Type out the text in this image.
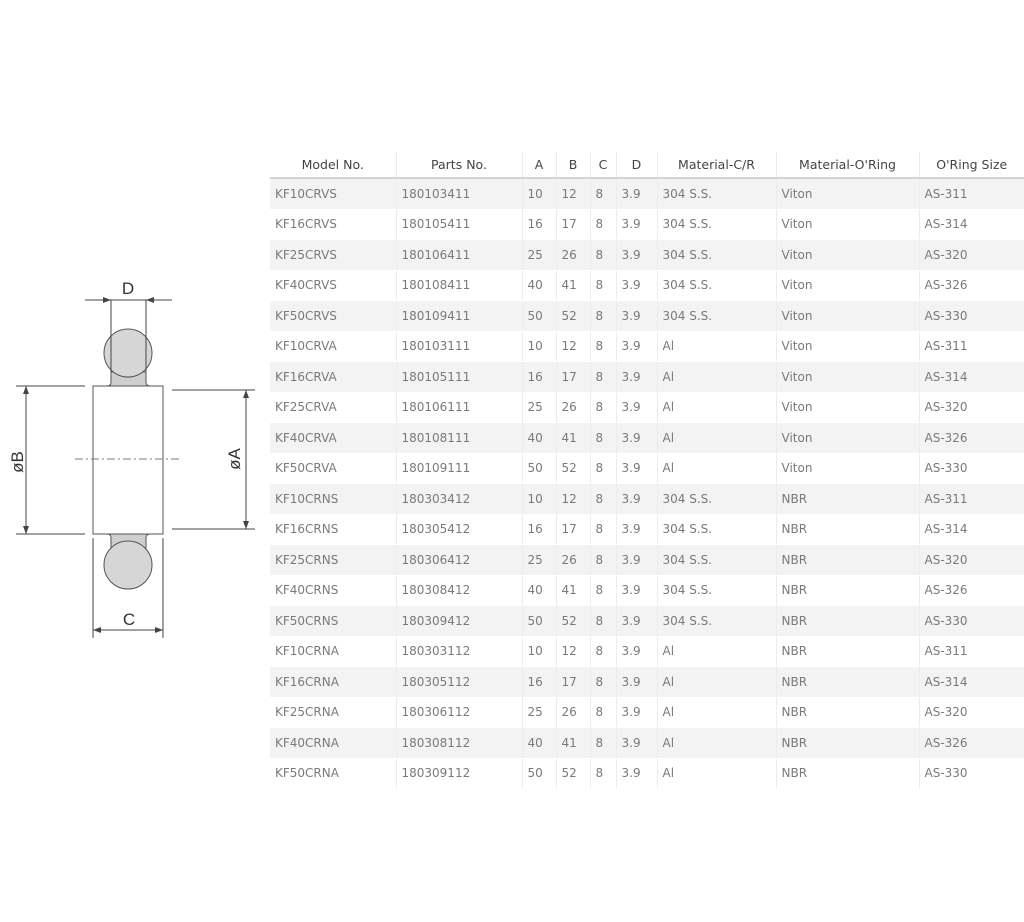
D
C
øB	øA
Model No.	Parts No.	A	B	C	D	Material-C/R	Material-O'Ring	O'Ring Size
KF10CRVS	180103411	10	12	8	3.9	304 S.S.	Viton	AS-311
KF16CRVS	180105411	16	17	8	3.9	304 S.S.	Viton	AS-314
KF25CRVS	180106411	25	26	8	3.9	304 S.S.	Viton	AS-320
KF40CRVS	180108411	40	41	8	3.9	304 S.S.	Viton	AS-326
KF50CRVS	180109411	50	52	8	3.9	304 S.S.	Viton	AS-330
KF10CRVA	180103111	10	12	8	3.9	Al	Viton	AS-311
KF16CRVA	180105111	16	17	8	3.9	Al	Viton	AS-314
KF25CRVA	180106111	25	26	8	3.9	Al	Viton	AS-320
KF40CRVA	180108111	40	41	8	3.9	Al	Viton	AS-326
KF50CRVA	180109111	50	52	8	3.9	Al	Viton	AS-330
KF10CRNS	180303412	10	12	8	3.9	304 S.S.	NBR	AS-311
KF16CRNS	180305412	16	17	8	3.9	304 S.S.	NBR	AS-314
KF25CRNS	180306412	25	26	8	3.9	304 S.S.	NBR	AS-320
KF40CRNS	180308412	40	41	8	3.9	304 S.S.	NBR	AS-326
KF50CRNS	180309412	50	52	8	3.9	304 S.S.	NBR	AS-330
KF10CRNA	180303112	10	12	8	3.9	Al	NBR	AS-311
KF16CRNA	180305112	16	17	8	3.9	Al	NBR	AS-314
KF25CRNA	180306112	25	26	8	3.9	Al	NBR	AS-320
KF40CRNA	180308112	40	41	8	3.9	Al	NBR	AS-326
KF50CRNA	180309112	50	52	8	3.9	Al	NBR	AS-330
